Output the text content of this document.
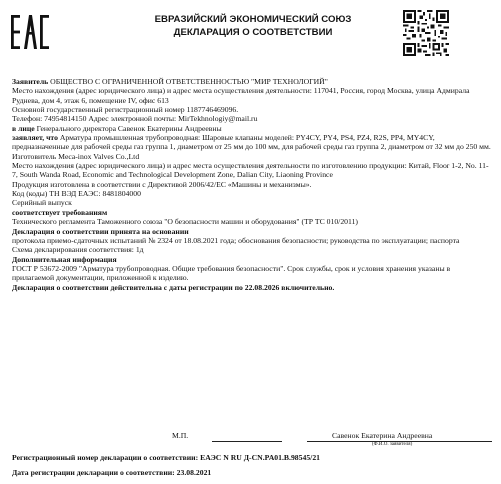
ЕВРАЗИЙСКИЙ ЭКОНОМИЧЕСКИЙ СОЮЗ
ДЕКЛАРАЦИЯ О СООТВЕТСТВИИ

Заявитель ОБЩЕСТВО С ОГРАНИЧЕННОЙ ОТВЕТСТВЕННОСТЬЮ "МИР ТЕХНОЛОГИЙ"

Место нахождения (адрес юридического лица) и адрес места осуществления деятельности: 117041, Россия, город Москва, улица Адмирала Руднева, дом 4, этаж 6, помещение IV, офис 613

Основной государственный регистрационный номер 1187746469096.

Телефон: 74954814150 Адрес электронной почты: MirTekhnologiy@mail.ru

в лице Генерального директора Савенок Екатерины Андреевны

заявляет, что Арматура промышленная трубопроводная: Шаровые клапаны моделей: PY4CY, PY4, PS4, PZ4, R2S, PP4, MY4CY, предназначенные для рабочей среды газ группа 1, диаметром от 25 мм до 100 мм, для рабочей среды газ группа 2, диаметром от 32 мм до 250 мм.

Изготовитель Meca-inox Valves Co.,Ltd

Место нахождения (адрес юридического лица) и адрес места осуществления деятельности по изготовлению продукции: Китай, Floor 1-2, No. 11-7, South Wanda Road, Economic and Technological Development Zone, Dalian City, Liaoning Province

Продукция изготовлена в соответствии с Директивой 2006/42/ЕС «Машины и механизмы».

Код (коды) ТН ВЭД ЕАЭС: 8481804000

Серийный выпуск

соответствует требованиям

Технического регламента Таможенного союза "О безопасности машин и оборудования" (ТР ТС 010/2011)

Декларация о соответствии принята на основании

протокола приемо-сдаточных испытаний № 2324 от 18.08.2021 года; обоснования безопасности; руководства по эксплуатации; паспорта

Схема декларирования соответствия: 1д

Дополнительная информация

ГОСТ Р 53672-2009 "Арматура трубопроводная. Общие требования безопасности". Срок службы, срок и условия хранения указаны в прилагаемой документации, приложенной к изделию.

Декларация о соответствии действительна с даты регистрации по 22.08.2026 включительно.

М.П.	Савенок Екатерина Андреевна
(Ф.И.О. заявителя)

Регистрационный номер декларации о соответствии: ЕАЭС N RU Д-CN.PA01.B.98545/21

Дата регистрации декларации о соответствии: 23.08.2021
